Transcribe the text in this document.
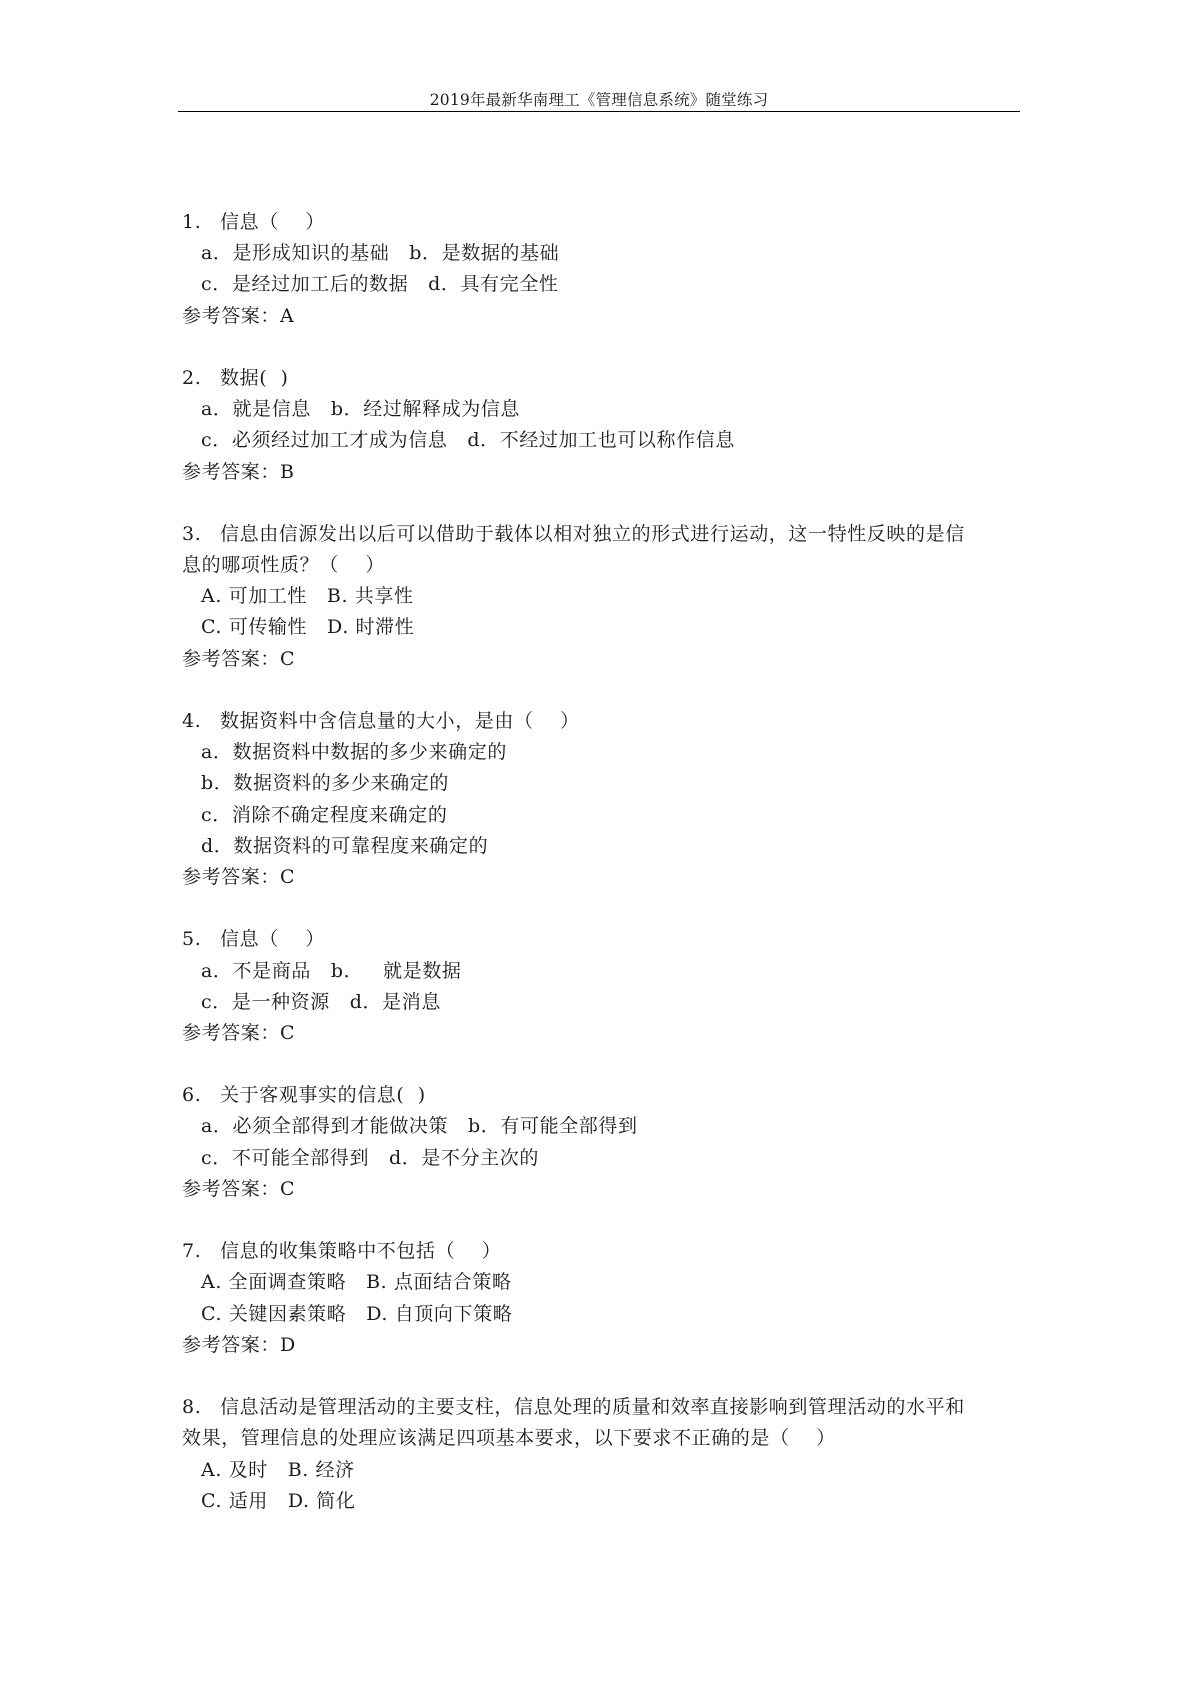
2019年最新华南理工《管理信息系统》随堂练习
1. 信息（    ）
a．是形成知识的基础   b．是数据的基础
c．是经过加工后的数据   d．具有完全性
参考答案：A
2. 数据(  )
a．就是信息   b．经过解释成为信息
c．必须经过加工才成为信息   d．不经过加工也可以称作信息
参考答案：B
3. 信息由信源发出以后可以借助于载体以相对独立的形式进行运动，这一特性反映的是信
息的哪项性质？（    ）
A. 可加工性   B. 共享性
C. 可传输性   D. 时滞性
参考答案：C
4. 数据资料中含信息量的大小，是由（    ）
a．数据资料中数据的多少来确定的
b．数据资料的多少来确定的
c．消除不确定程度来确定的
d．数据资料的可靠程度来确定的
参考答案：C
5. 信息（    ）
a．不是商品   b．   就是数据
c．是一种资源   d．是消息
参考答案：C
6. 关于客观事实的信息(  )
a．必须全部得到才能做决策   b．有可能全部得到
c．不可能全部得到   d．是不分主次的
参考答案：C
7. 信息的收集策略中不包括（    ）
A. 全面调查策略   B. 点面结合策略
C. 关键因素策略   D. 自顶向下策略
参考答案：D
8. 信息活动是管理活动的主要支柱，信息处理的质量和效率直接影响到管理活动的水平和
效果，管理信息的处理应该满足四项基本要求，以下要求不正确的是（    ）
A. 及时   B. 经济
C. 适用   D. 简化
